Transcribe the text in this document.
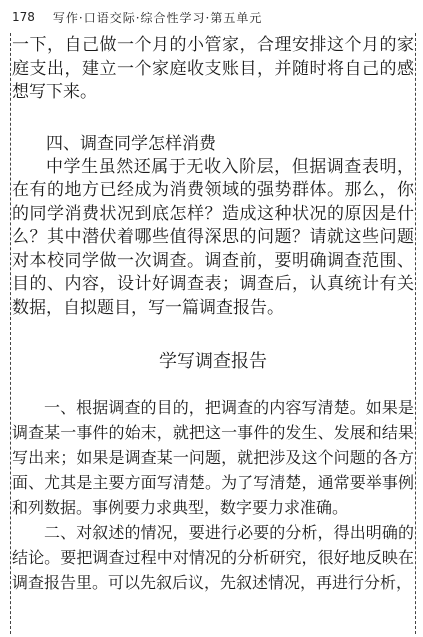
178 写作·口语交际·综合性学习·第五单元

一下，自己做一个月的小管家，合理安排这个月的家庭支出，建立一个家庭收支账目，并随时将自己的感想写下来。

四、调查同学怎样消费

中学生虽然还属于无收入阶层，但据调查表明，在有的地方已经成为消费领域的强势群体。那么，你的同学消费状况到底怎样？造成这种状况的原因是什么？其中潜伏着哪些值得深思的问题？请就这些问题对本校同学做一次调查。调查前，要明确调查范围、目的、内容，设计好调查表；调查后，认真统计有关数据，自拟题目，写一篇调查报告。

学写调查报告

一、根据调查的目的，把调查的内容写清楚。如果是调查某一事件的始末，就把这一事件的发生、发展和结果写出来；如果是调查某一问题，就把涉及这个问题的各方面、尤其是主要方面写清楚。为了写清楚，通常要举事例和列数据。事例要力求典型，数字要力求准确。

二、对叙述的情况，要进行必要的分析，得出明确的结论。要把调查过程中对情况的分析研究，很好地反映在调查报告里。可以先叙后议，先叙述情况，再进行分析，
